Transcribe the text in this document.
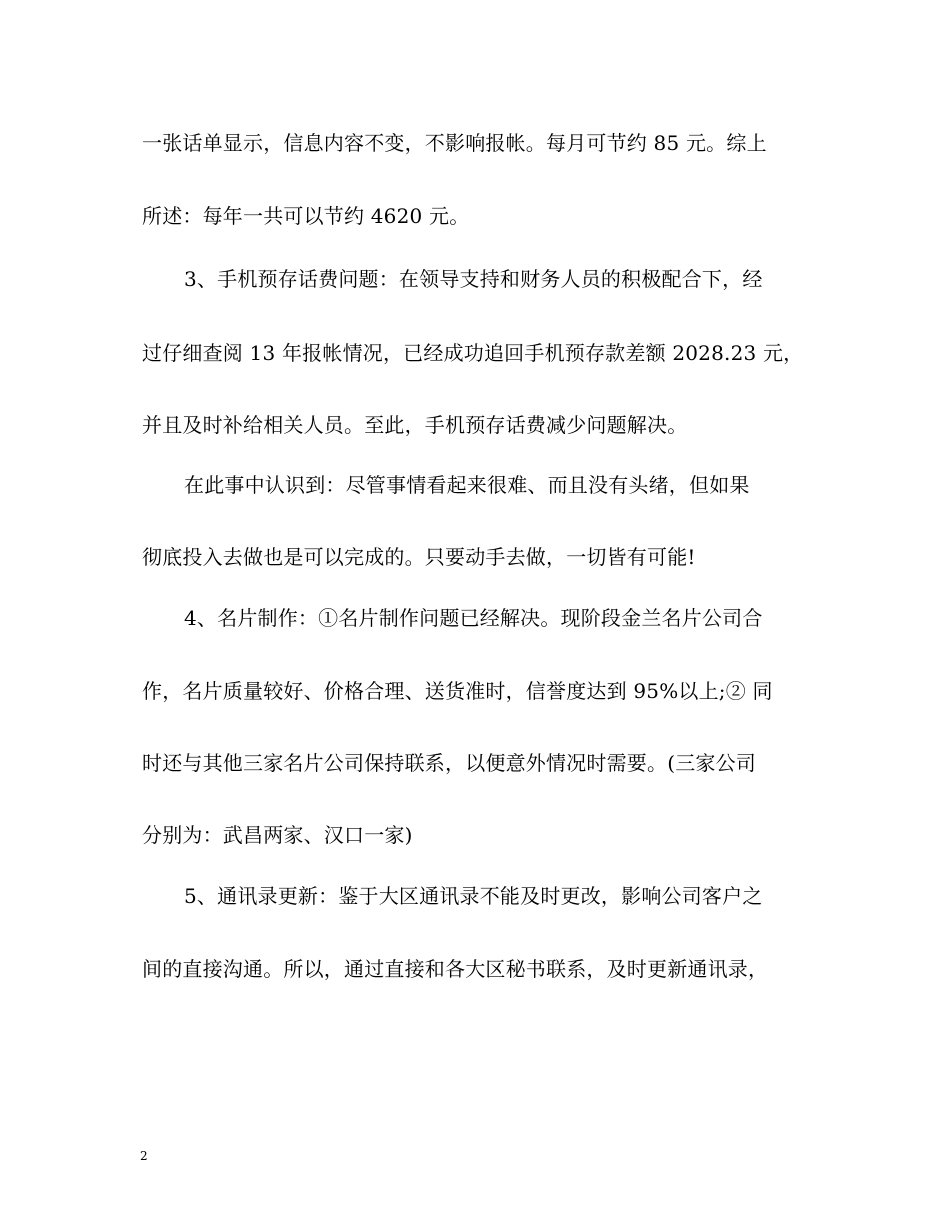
一张话单显示，信息内容不变，不影响报帐。每月可节约 85 元。综上
所述：每年一共可以节约 4620 元。
3、手机预存话费问题：在领导支持和财务人员的积极配合下，经
过仔细查阅 13 年报帐情况，已经成功追回手机预存款差额 2028.23 元，
并且及时补给相关人员。至此，手机预存话费减少问题解决。
在此事中认识到：尽管事情看起来很难、而且没有头绪，但如果
彻底投入去做也是可以完成的。只要动手去做，一切皆有可能!
4、名片制作：①名片制作问题已经解决。现阶段金兰名片公司合
作，名片质量较好、价格合理、送货准时，信誉度达到 95%以上;② 同
时还与其他三家名片公司保持联系，以便意外情况时需要。(三家公司
分别为：武昌两家、汉口一家)
5、通讯录更新：鉴于大区通讯录不能及时更改，影响公司客户之
间的直接沟通。所以，通过直接和各大区秘书联系，及时更新通讯录，
2
